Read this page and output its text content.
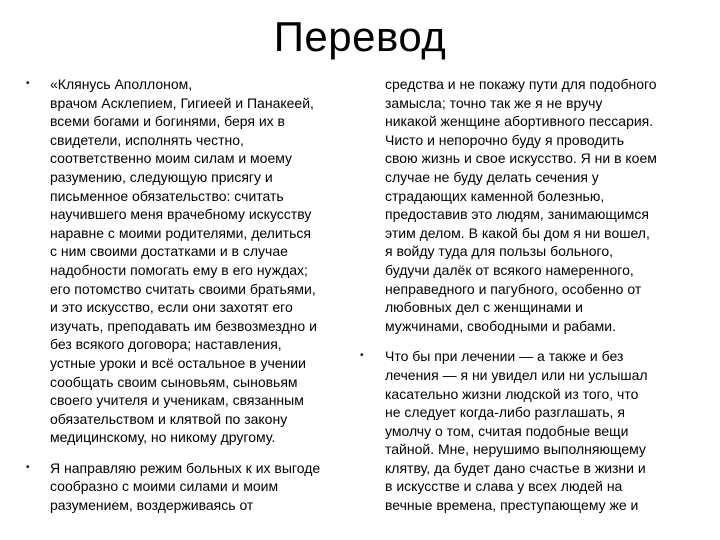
Перевод
• «Клянусь Аполлоном,
врачом Асклепием, Гигиеей и Панакеей,
всеми богами и богинями, беря их в
свидетели, исполнять честно,
соответственно моим силам и моему
разумению, следующую присягу и
письменное обязательство: считать
научившего меня врачебному искусству
наравне с моими родителями, делиться
с ним своими достатками и в случае
надобности помогать ему в его нуждах;
его потомство считать своими братьями,
и это искусство, если они захотят его
изучать, преподавать им безвозмездно и
без всякого договора; наставления,
устные уроки и всё остальное в учении
сообщать своим сыновьям, сыновьям
своего учителя и ученикам, связанным
обязательством и клятвой по закону
медицинскому, но никому другому.
• Я направляю режим больных к их выгоде
сообразно с моими силами и моим
разумением, воздерживаясь от
средства и не покажу пути для подобного
замысла; точно так же я не вручу
никакой женщине абортивного пессария.
Чисто и непорочно буду я проводить
свою жизнь и свое искусство. Я ни в коем
случае не буду делать сечения у
страдающих каменной болезнью,
предоставив это людям, занимающимся
этим делом. В какой бы дом я ни вошел,
я войду туда для пользы больного,
будучи далёк от всякого намеренного,
неправедного и пагубного, особенно от
любовных дел с женщинами и
мужчинами, свободными и рабами.
• Что бы при лечении — а также и без
лечения — я ни увидел или ни услышал
касательно жизни людской из того, что
не следует когда-либо разглашать, я
умолчу о том, считая подобные вещи
тайной. Мне, нерушимо выполняющему
клятву, да будет дано счастье в жизни и
в искусстве и слава у всех людей на
вечные времена, преступающему же и
